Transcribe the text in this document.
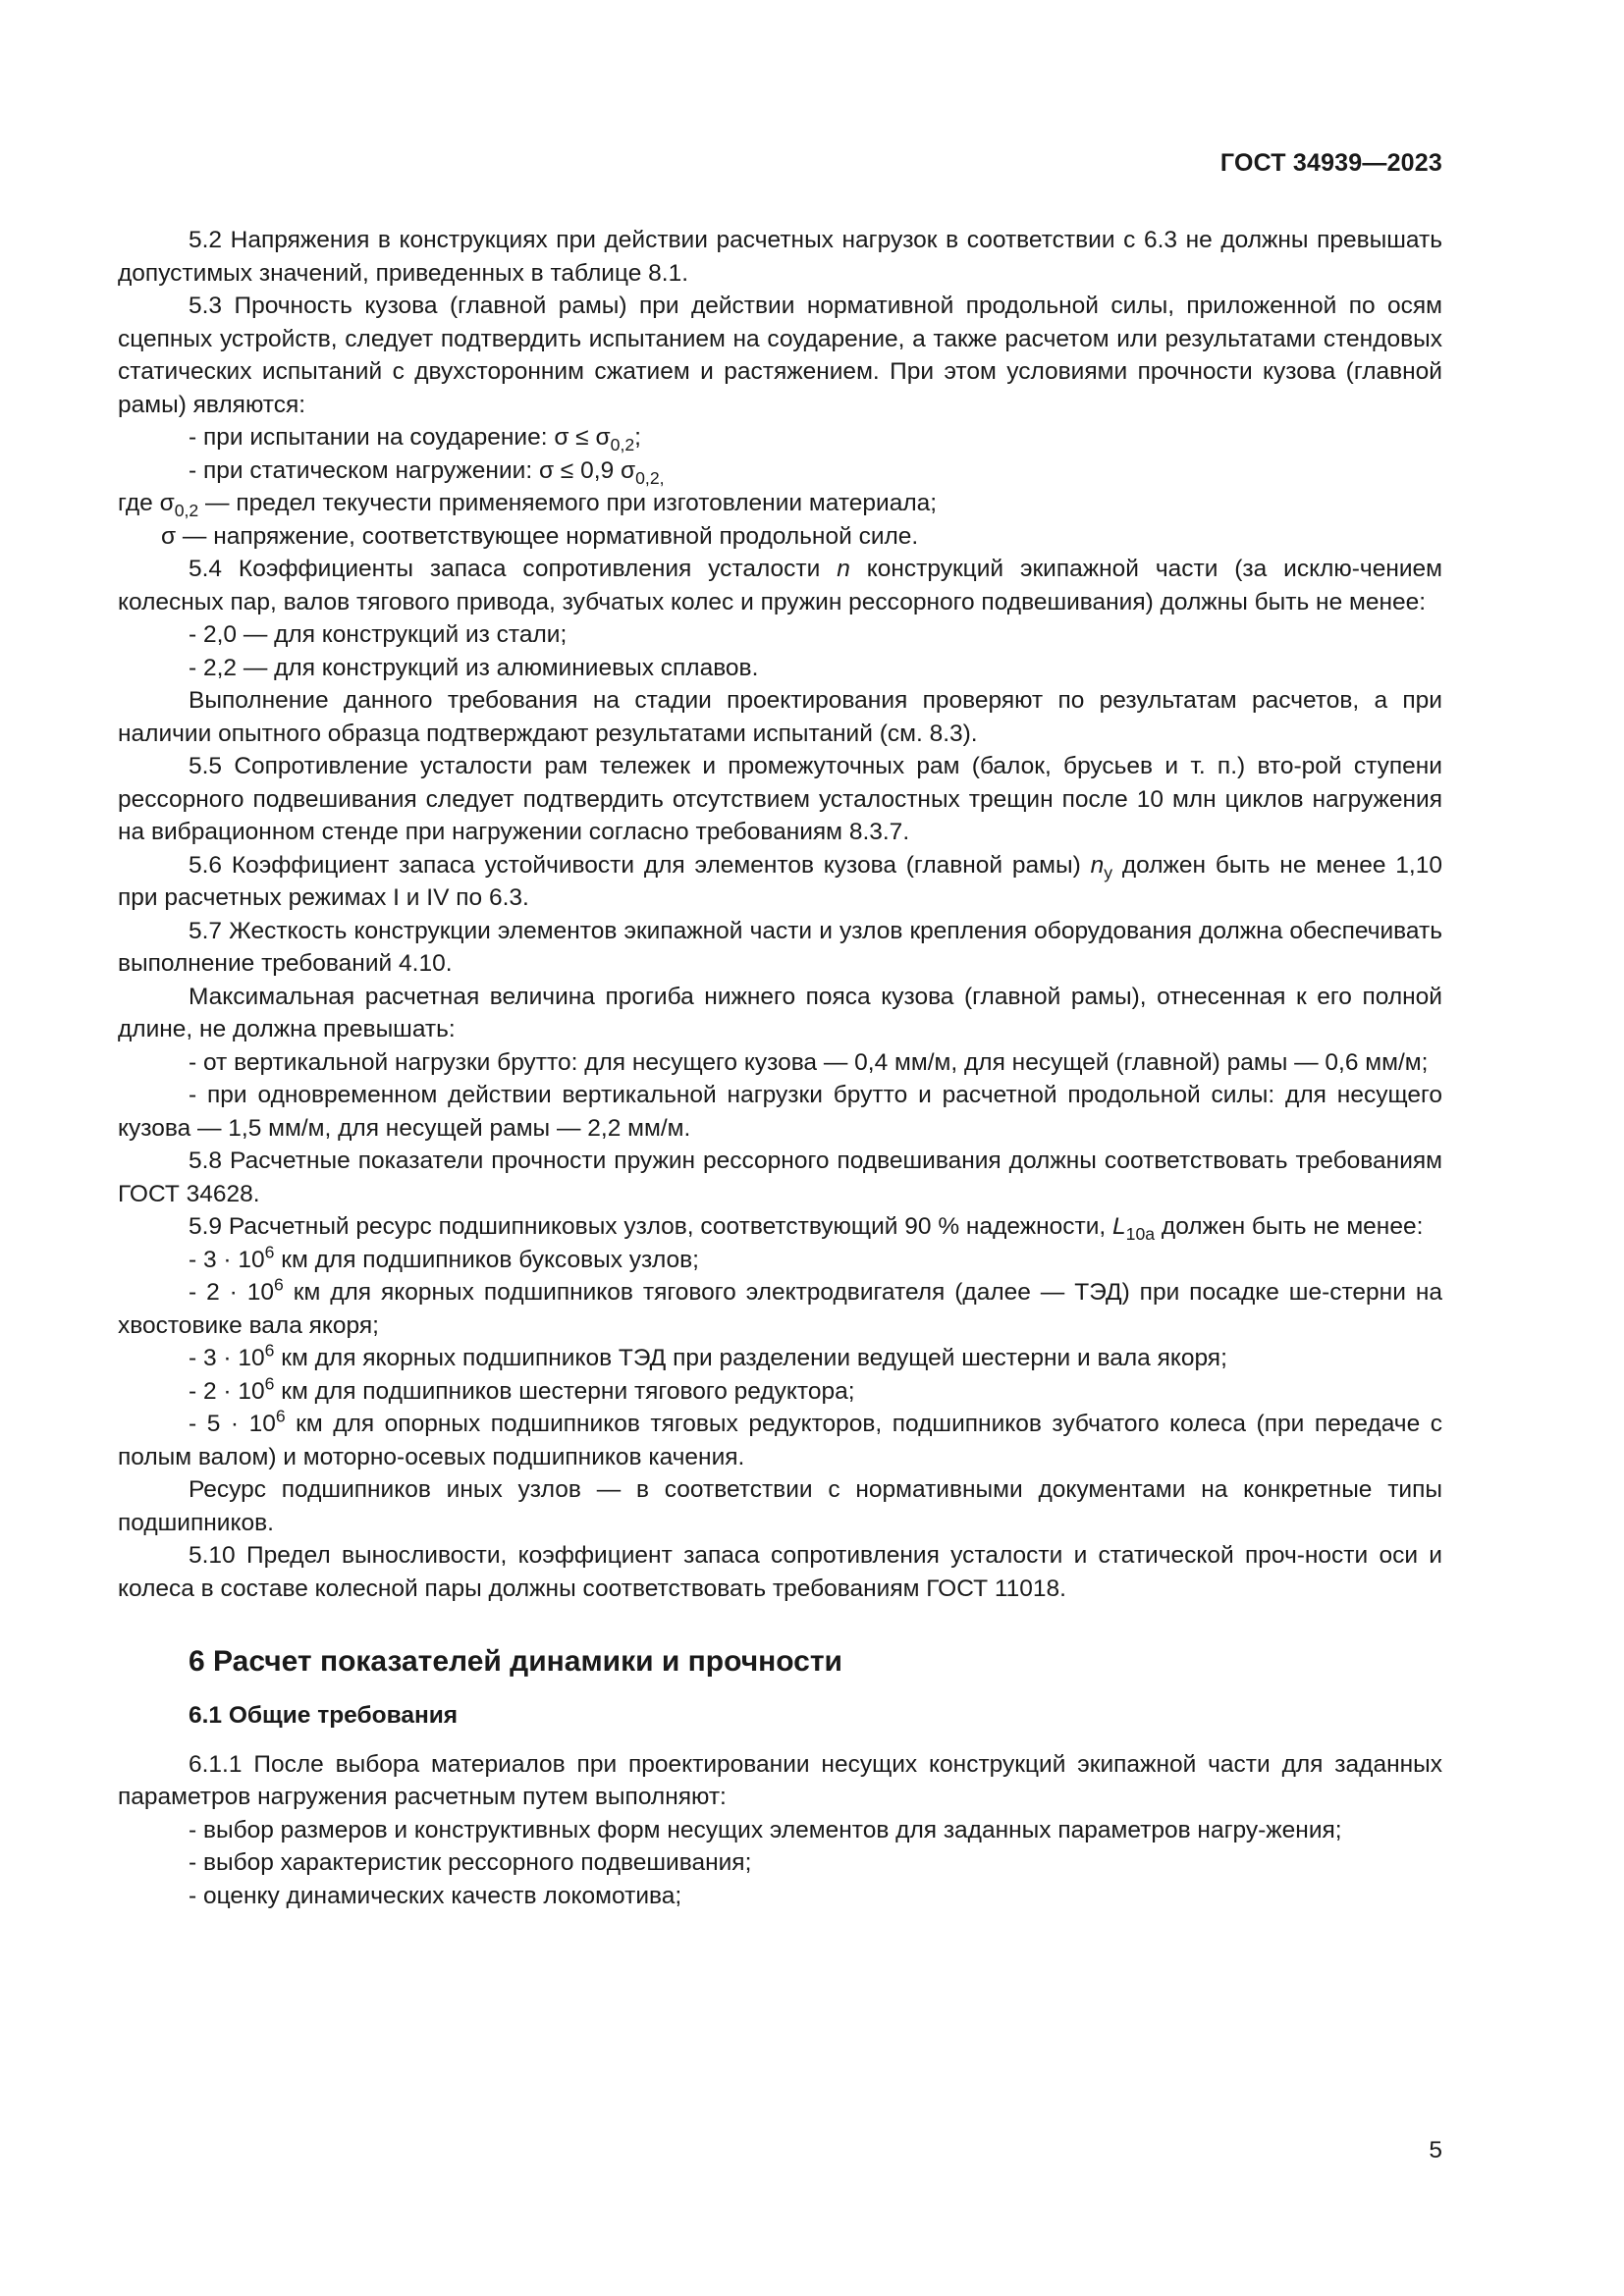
ГОСТ 34939—2023

5.2 Напряжения в конструкциях при действии расчетных нагрузок в соответствии с 6.3 не должны превышать допустимых значений, приведенных в таблице 8.1.

5.3 Прочность кузова (главной рамы) при действии нормативной продольной силы, приложенной по осям сцепных устройств, следует подтвердить испытанием на соударение, а также расчетом или результатами стендовых статических испытаний с двухсторонним сжатием и растяжением. При этом условиями прочности кузова (главной рамы) являются:

- при испытании на соударение: $\sigma \le \sigma_{0,2}$;

- при статическом нагружении: σ ≤ 0,9 $\sigma_{0,2,}$

где $\sigma_{0,2}$ — предел текучести применяемого при изготовлении материала;

σ — напряжение, соответствующее нормативной продольной силе.

5.4 Коэффициенты запаса сопротивления усталости n конструкций экипажной части (за исклю-чением колесных пар, валов тягового привода, зубчатых колес и пружин рессорного подвешивания) должны быть не менее:

- 2,0 — для конструкций из стали;

- 2,2 — для конструкций из алюминиевых сплавов.

Выполнение данного требования на стадии проектирования проверяют по результатам расчетов, а при наличии опытного образца подтверждают результатами испытаний (см. 8.3).

5.5 Сопротивление усталости рам тележек и промежуточных рам (балок, брусьев и т. п.) вто-рой ступени рессорного подвешивания следует подтвердить отсутствием усталостных трещин после 10 млн циклов нагружения на вибрационном стенде при нагружении согласно требованиям 8.3.7.

5.6 Коэффициент запаса устойчивости для элементов кузова (главной рамы) $n_у$ должен быть не менее 1,10 при расчетных режимах I и IV по 6.3.

5.7 Жесткость конструкции элементов экипажной части и узлов крепления оборудования должна обеспечивать выполнение требований 4.10.

Максимальная расчетная величина прогиба нижнего пояса кузова (главной рамы), отнесенная к его полной длине, не должна превышать:

- от вертикальной нагрузки брутто: для несущего кузова — 0,4 мм/м, для несущей (главной) рамы — 0,6 мм/м;

- при одновременном действии вертикальной нагрузки брутто и расчетной продольной силы: для несущего кузова — 1,5 мм/м, для несущей рамы — 2,2 мм/м.

5.8 Расчетные показатели прочности пружин рессорного подвешивания должны соответствовать требованиям ГОСТ 34628.

5.9 Расчетный ресурс подшипниковых узлов, соответствующий 90 % надежности, $L_{10a}$ должен быть не менее:

- $3 \cdot 10^6$ км для подшипников буксовых узлов;

- $2 \cdot 10^6$ км для якорных подшипников тягового электродвигателя (далее — ТЭД) при посадке ше-стерни на хвостовике вала якоря;

- $3 \cdot 10^6$ км для якорных подшипников ТЭД при разделении ведущей шестерни и вала якоря;

- $2 \cdot 10^6$ км для подшипников шестерни тягового редуктора;

- $5 \cdot 10^6$ км для опорных подшипников тяговых редукторов, подшипников зубчатого колеса (при передаче с полым валом) и моторно-осевых подшипников качения.

Ресурс подшипников иных узлов — в соответствии с нормативными документами на конкретные типы подшипников.

5.10 Предел выносливости, коэффициент запаса сопротивления усталости и статической проч-ности оси и колеса в составе колесной пары должны соответствовать требованиям ГОСТ 11018.

6 Расчет показателей динамики и прочности
6.1 Общие требования

6.1.1 После выбора материалов при проектировании несущих конструкций экипажной части для заданных параметров нагружения расчетным путем выполняют:

- выбор размеров и конструктивных форм несущих элементов для заданных параметров нагру-жения;

- выбор характеристик рессорного подвешивания;

- оценку динамических качеств локомотива;

5
